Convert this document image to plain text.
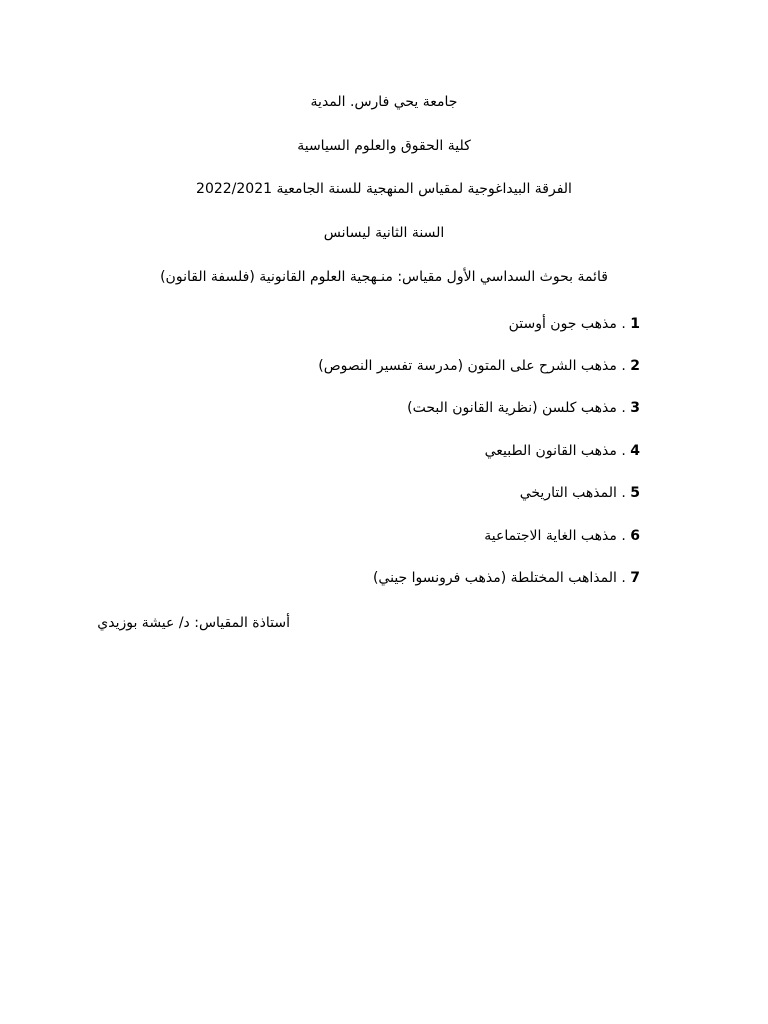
جامعة يحي فارس. المدية
كلية الحقوق والعلوم السياسية
الفرقة البيداغوجية لمقياس المنهجية للسنة الجامعية 2022/2021
السنة الثانية ليسانس
قائمة بحوث السداسي الأول مقياس: منـهجية العلوم القانونية (فلسفة القانون)
1 . مذهب جون أوستن
2 . مذهب الشرح على المتون (مدرسة تفسير النصوص)
3 . مذهب كلسن (نظرية القانون البحت)
4 . مذهب القانون الطبيعي
5 . المذهب التاريخي
6 . مذهب الغاية الاجتماعية
7 . المذاهب المختلطة (مذهب فرونسوا جيني)
أستاذة المقياس: د/ عيشة بوزيدي
